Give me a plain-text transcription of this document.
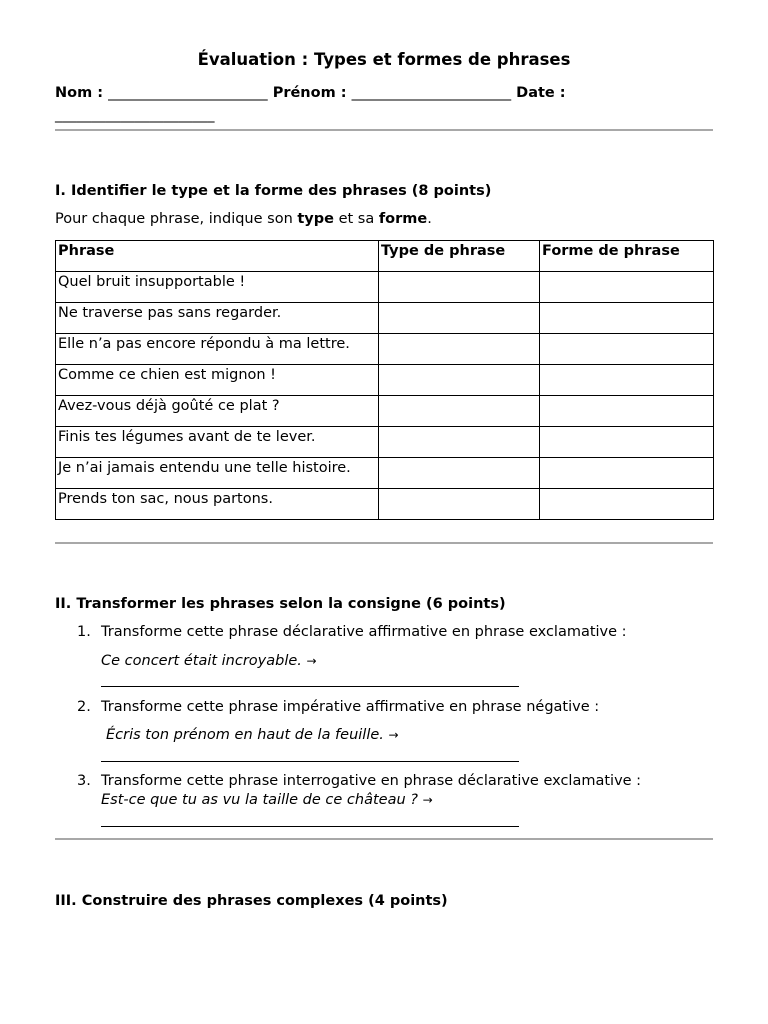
Évaluation : Types et formes de phrases
Nom : ______________________ Prénom : ______________________ Date : ______________________
I. Identifier le type et la forme des phrases (8 points)
Pour chaque phrase, indique son type et sa forme.
Phrase	Type de phrase	Forme de phrase
Quel bruit insupportable !		
Ne traverse pas sans regarder.		
Elle n’a pas encore répondu à ma lettre.		
Comme ce chien est mignon !		
Avez-vous déjà goûté ce plat ?		
Finis tes légumes avant de te lever.		
Je n’ai jamais entendu une telle histoire.		
Prends ton sac, nous partons.		
II. Transformer les phrases selon la consigne (6 points)
1. Transforme cette phrase déclarative affirmative en phrase exclamative :
Ce concert était incroyable. →
2. Transforme cette phrase impérative affirmative en phrase négative :
Écris ton prénom en haut de la feuille. →
3. Transforme cette phrase interrogative en phrase déclarative exclamative :
Est-ce que tu as vu la taille de ce château ? →
III. Construire des phrases complexes (4 points)
